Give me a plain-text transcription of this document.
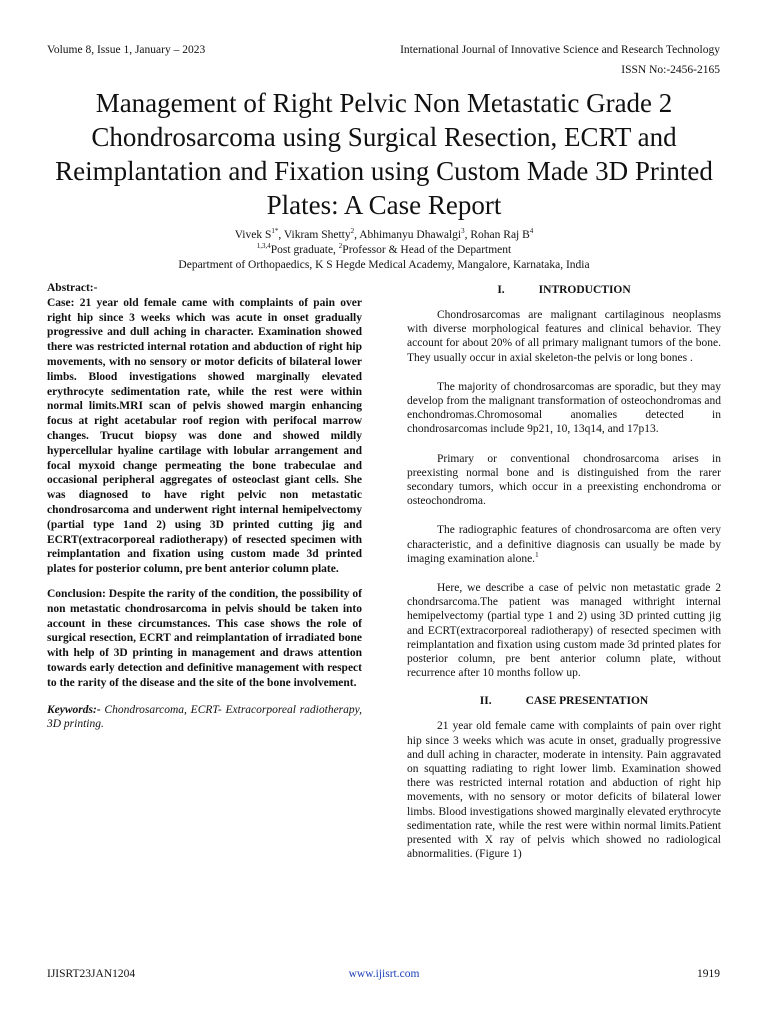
Volume 8, Issue 1, January – 2023	International Journal of Innovative Science and Research Technology
ISSN No:-2456-2165
Management of Right Pelvic Non Metastatic Grade 2 Chondrosarcoma using Surgical Resection, ECRT and Reimplantation and Fixation using Custom Made 3D Printed Plates: A Case Report
Vivek $S^{1*}$, Vikram Shetty$^2$, Abhimanyu Dhawalgi$^3$, Rohan Raj $B^4$
$^{1,3,4}$Post graduate, $^2$Professor & Head of the Department
Department of Orthopaedics, K S Hegde Medical Academy, Mangalore, Karnataka, India

Abstract:-
Case: 21 year old female came with complaints of pain over right hip since 3 weeks which was acute in onset gradually progressive and dull aching in character. Examination showed there was restricted internal rotation and abduction of right hip movements, with no sensory or motor deficits of bilateral lower limbs. Blood investigations showed marginally elevated erythrocyte sedimentation rate, while the rest were within normal limits.MRI scan of pelvis showed margin enhancing focus at right acetabular roof region with perifocal marrow changes. Trucut biopsy was done and showed mildly hypercellular hyaline cartilage with lobular arrangement and focal myxoid change permeating the bone trabeculae and occasional peripheral aggregates of osteoclast giant cells. She was diagnosed to have right pelvic non metastatic chondrosarcoma and underwent right internal hemipelvectomy (partial type 1and 2) using 3D printed cutting jig and ECRT(extracorporeal radiotherapy) of resected specimen with reimplantation and fixation using custom made 3d printed plates for posterior column, pre bent anterior column plate.

Conclusion: Despite the rarity of the condition, the possibility of non metastatic chondrosarcoma in pelvis should be taken into account in these circumstances. This case shows the role of surgical resection, ECRT and reimplantation of irradiated bone with help of 3D printing in management and draws attention towards early detection and definitive management with respect to the rarity of the disease and the site of the bone involvement.

Keywords:- Chondrosarcoma, ECRT- Extracorporeal radiotherapy, 3D printing.

I.	INTRODUCTION

Chondrosarcomas are malignant cartilaginous neoplasms with diverse morphological features and clinical behavior. They account for about 20% of all primary malignant tumors of the bone. They usually occur in axial skeleton-the pelvis or long bones .

The majority of chondrosarcomas are sporadic, but they may develop from the malignant transformation of osteochondromas and enchondromas.Chromosomal anomalies detected in chondrosarcomas include 9p21, 10, 13q14, and 17p13.

Primary or conventional chondrosarcoma arises in preexisting normal bone and is distinguished from the rarer secondary tumors, which occur in a preexisting enchondroma or osteochondroma.

The radiographic features of chondrosarcoma are often very characteristic, and a definitive diagnosis can usually be made by imaging examination alone.$^1$

Here, we describe a case of pelvic non metastatic grade 2 chondrsarcoma.The patient was managed withright internal hemipelvectomy (partial type 1 and 2) using 3D printed cutting jig and ECRT(extracorporeal radiotherapy) of resected specimen with reimplantation and fixation using custom made 3d printed plates for posterior column, pre bent anterior column plate, without recurrence after 10 months follow up.

II.	CASE PRESENTATION

21 year old female came with complaints of pain over right hip since 3 weeks which was acute in onset, gradually progressive and dull aching in character, moderate in intensity. Pain aggravated on squatting radiating to right lower limb. Examination showed there was restricted internal rotation and abduction of right hip movements, with no sensory or motor deficits of bilateral lower limbs. Blood investigations showed marginally elevated erythrocyte sedimentation rate, while the rest were within normal limits.Patient presented with X ray of pelvis which showed no radiological abnormalities. (Figure 1)

IJISRT23JAN1204	www.ijisrt.com	1919
